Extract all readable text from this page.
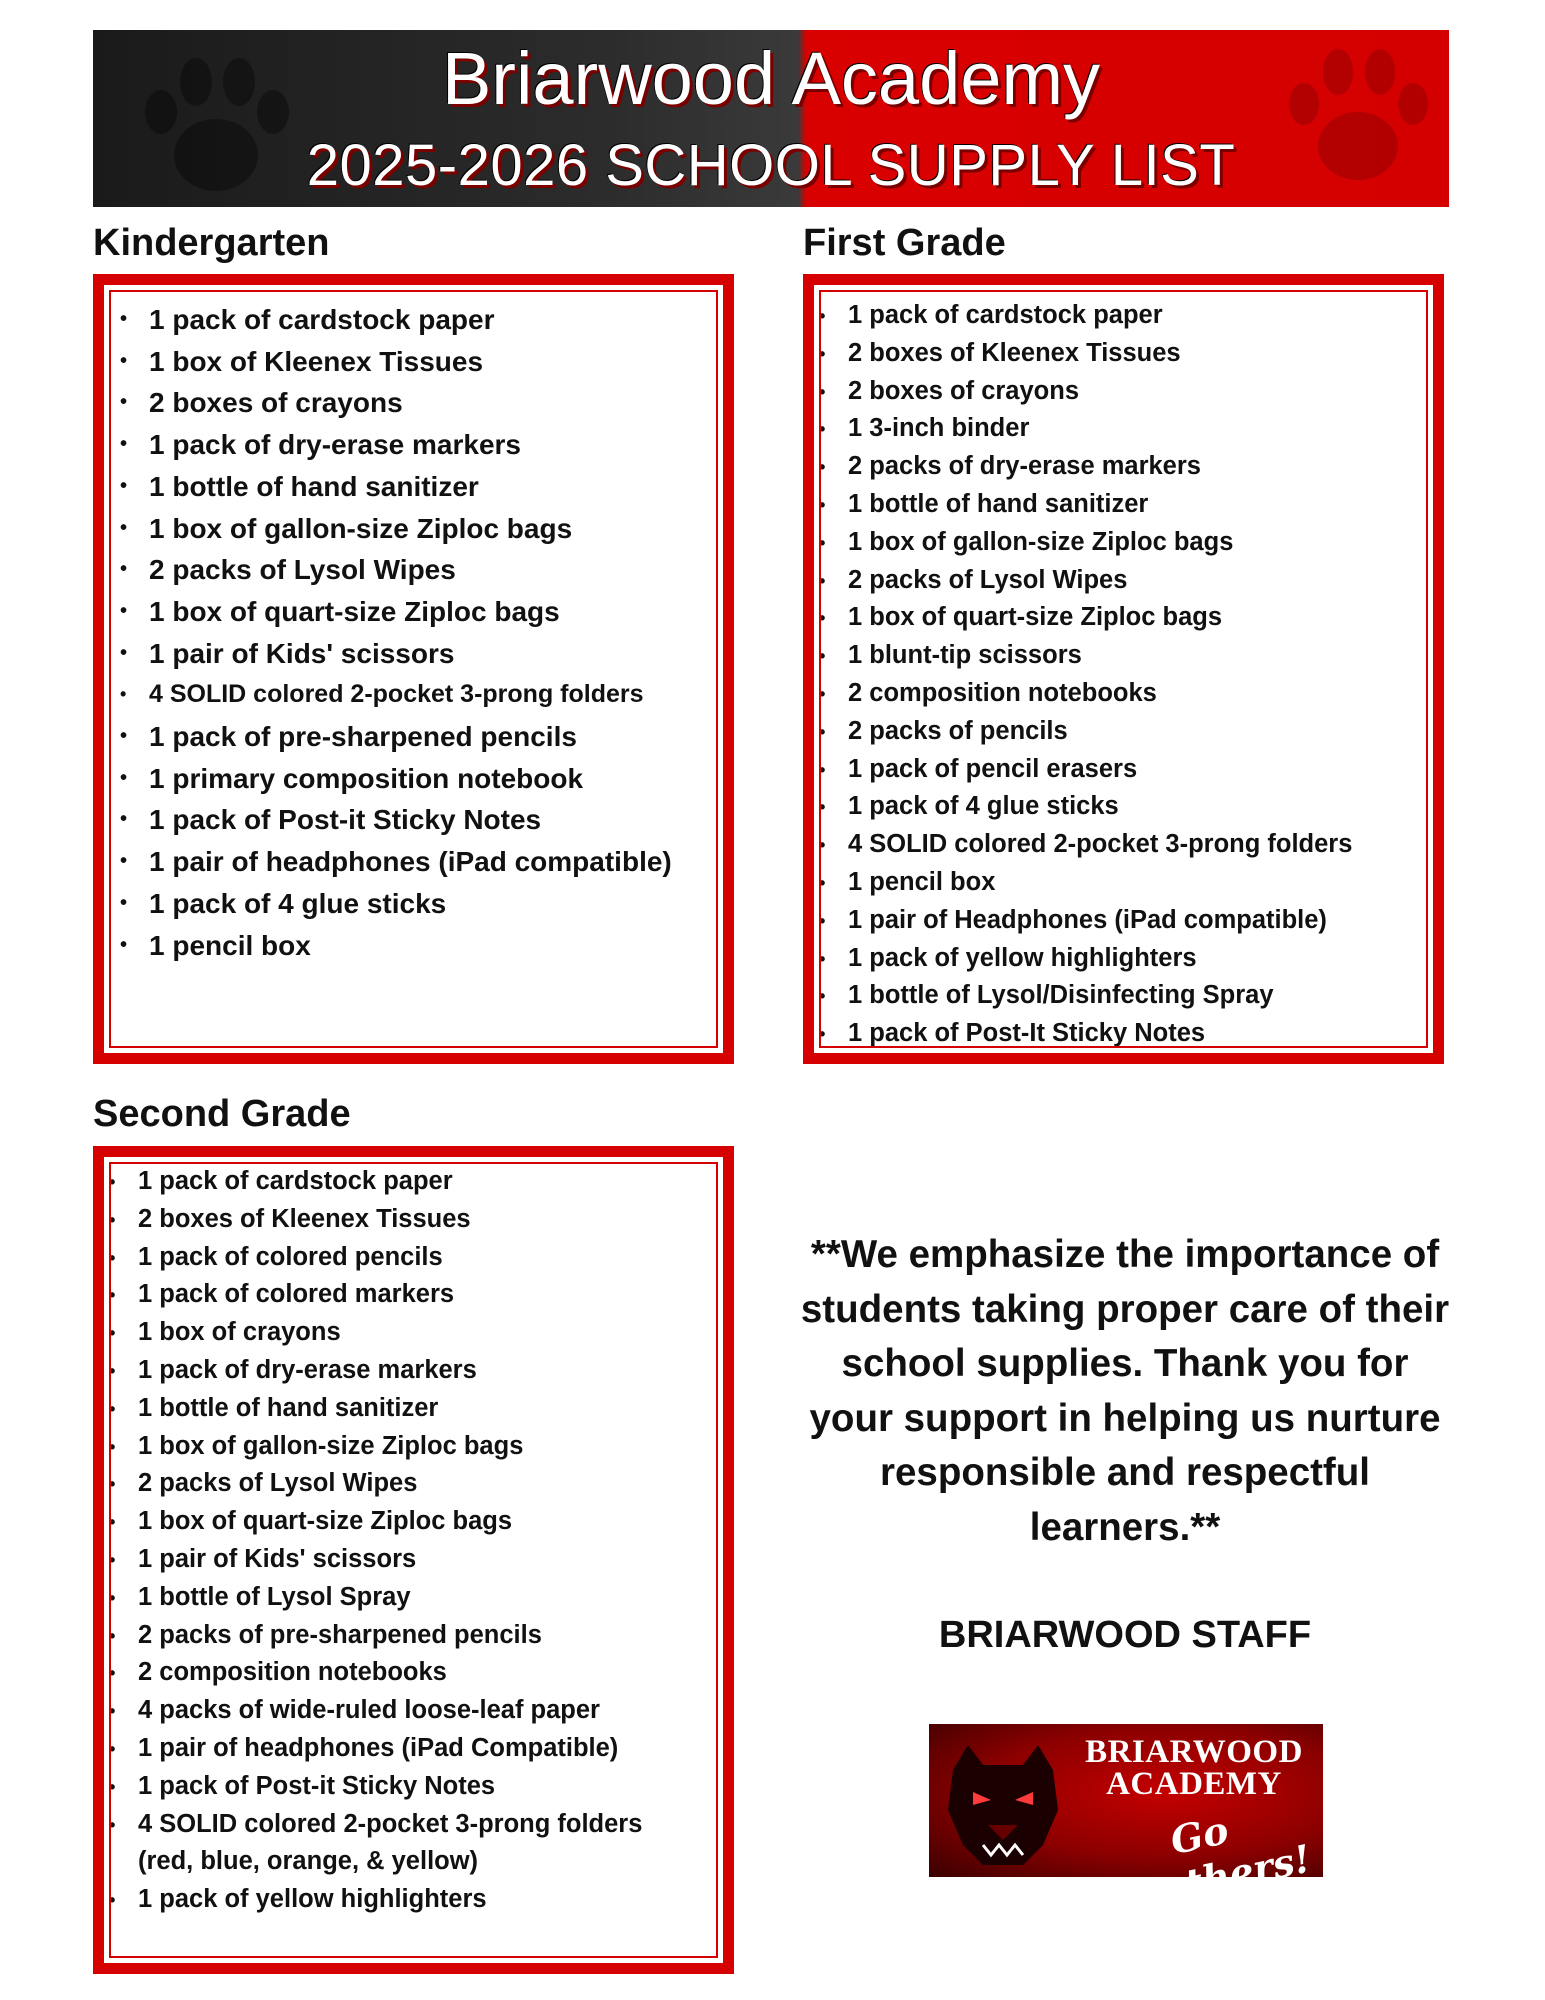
Briarwood Academy
2025-2026 SCHOOL SUPPLY LIST
Kindergarten
• 1 pack of cardstock paper
• 1 box of Kleenex Tissues
• 2 boxes of crayons
• 1 pack of dry-erase markers
• 1 bottle of hand sanitizer
• 1 box of gallon-size Ziploc bags
• 2 packs of Lysol Wipes
• 1 box of quart-size Ziploc bags
• 1 pair of Kids' scissors
• 4 SOLID colored 2-pocket 3-prong folders
• 1 pack of pre-sharpened pencils
• 1 primary composition notebook
• 1 pack of Post-it Sticky Notes
• 1 pair of headphones (iPad compatible)
• 1 pack of 4 glue sticks
• 1 pencil box
First Grade
• 1 pack of cardstock paper
• 2 boxes of Kleenex Tissues
• 2 boxes of crayons
• 1 3-inch binder
• 2 packs of dry-erase markers
• 1 bottle of hand sanitizer
• 1 box of gallon-size Ziploc bags
• 2 packs of Lysol Wipes
• 1 box of quart-size Ziploc bags
• 1 blunt-tip scissors
• 2 composition notebooks
• 2 packs of pencils
• 1 pack of pencil erasers
• 1 pack of 4 glue sticks
• 4 SOLID colored 2-pocket 3-prong folders
• 1 pencil box
• 1 pair of Headphones (iPad compatible)
• 1 pack of yellow highlighters
• 1 bottle of Lysol/Disinfecting Spray
• 1 pack of Post-It Sticky Notes
Second Grade
• 1 pack of cardstock paper
• 2 boxes of Kleenex Tissues
• 1 pack of colored pencils
• 1 pack of colored markers
• 1 box of crayons
• 1 pack of dry-erase markers
• 1 bottle of hand sanitizer
• 1 box of gallon-size Ziploc bags
• 2 packs of Lysol Wipes
• 1 box of quart-size Ziploc bags
• 1 pair of Kids' scissors
• 1 bottle of Lysol Spray
• 2 packs of pre-sharpened pencils
• 2 composition notebooks
• 4 packs of wide-ruled loose-leaf paper
• 1 pair of headphones (iPad Compatible)
• 1 pack of Post-it Sticky Notes
• 4 SOLID colored 2-pocket 3-prong folders (red, blue, orange, & yellow)
• 1 pack of yellow highlighters
**We emphasize the importance of students taking proper care of their school supplies. Thank you for your support in helping us nurture responsible and respectful learners.**
BRIARWOOD STAFF
BRIARWOOD
ACADEMY
Go Panthers!
